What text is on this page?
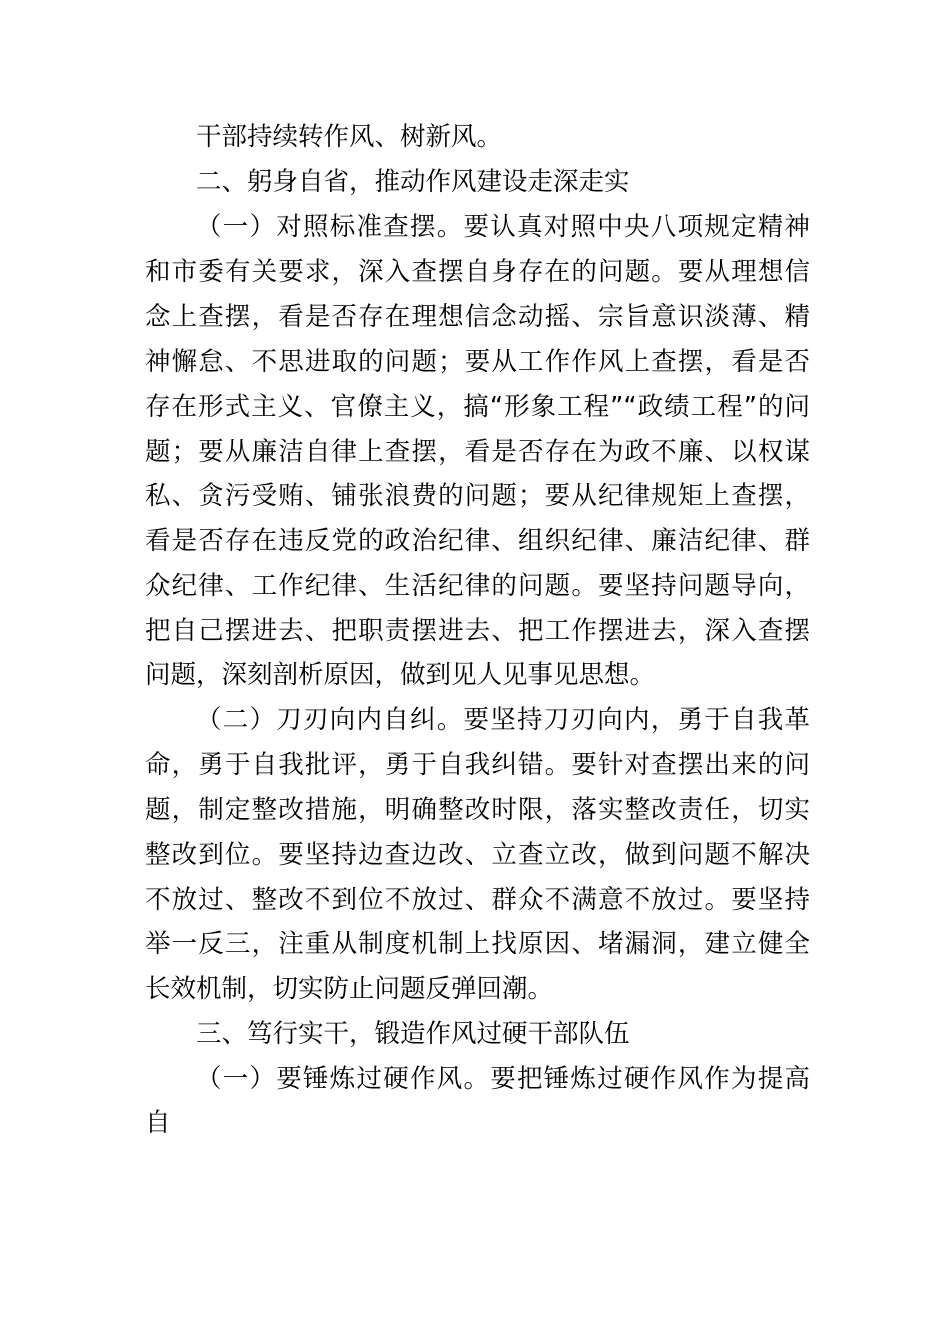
干部持续转作风、树新风。
二、躬身自省，推动作风建设走深走实
（一）对照标准查摆。要认真对照中央八项规定精神
和市委有关要求，深入查摆自身存在的问题。要从理想信
念上查摆，看是否存在理想信念动摇、宗旨意识淡薄、精
神懈怠、不思进取的问题；要从工作作风上查摆，看是否
存在形式主义、官僚主义，搞“形象工程”“政绩工程”的问
题；要从廉洁自律上查摆，看是否存在为政不廉、以权谋
私、贪污受贿、铺张浪费的问题；要从纪律规矩上查摆，
看是否存在违反党的政治纪律、组织纪律、廉洁纪律、群
众纪律、工作纪律、生活纪律的问题。要坚持问题导向，
把自己摆进去、把职责摆进去、把工作摆进去，深入查摆
问题，深刻剖析原因，做到见人见事见思想。
（二）刀刃向内自纠。要坚持刀刃向内，勇于自我革
命，勇于自我批评，勇于自我纠错。要针对查摆出来的问
题，制定整改措施，明确整改时限，落实整改责任，切实
整改到位。要坚持边查边改、立查立改，做到问题不解决
不放过、整改不到位不放过、群众不满意不放过。要坚持
举一反三，注重从制度机制上找原因、堵漏洞，建立健全
长效机制，切实防止问题反弹回潮。
三、笃行实干，锻造作风过硬干部队伍
（一）要锤炼过硬作风。要把锤炼过硬作风作为提高
自
